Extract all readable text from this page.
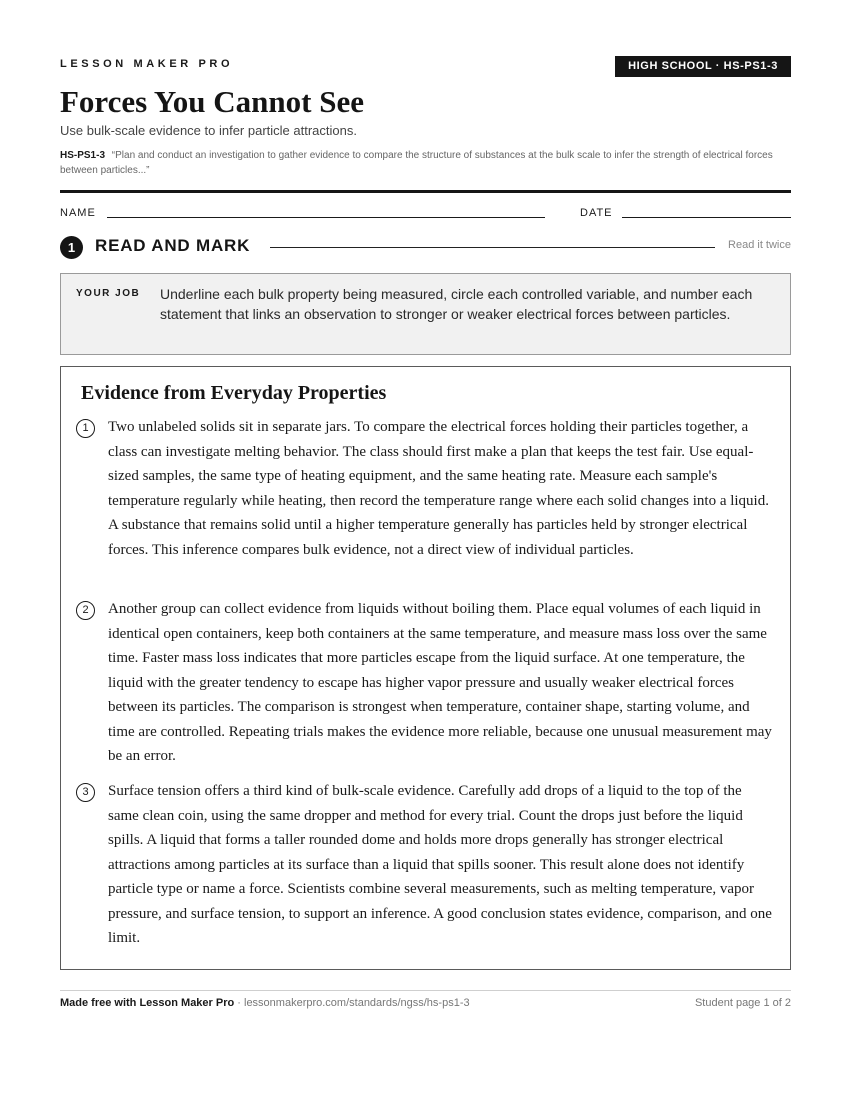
LESSON MAKER PRO	HIGH SCHOOL · HS-PS1-3
Forces You Cannot See
Use bulk-scale evidence to infer particle attractions.
HS-PS1-3 “Plan and conduct an investigation to gather evidence to compare the structure of substances at the bulk scale to infer the strength of electrical forces between particles...”
NAME	DATE
1	READ AND MARK	Read it twice
YOUR JOB Underline each bulk property being measured, circle each controlled variable, and number each statement that links an observation to stronger or weaker electrical forces between particles.
Evidence from Everyday Properties
1	Two unlabeled solids sit in separate jars. To compare the electrical forces holding their particles together, a class can investigate melting behavior. The class should first make a plan that keeps the test fair. Use equal-sized samples, the same type of heating equipment, and the same heating rate. Measure each sample's temperature regularly while heating, then record the temperature range where each solid changes into a liquid. A substance that remains solid until a higher temperature generally has particles held by stronger electrical forces. This inference compares bulk evidence, not a direct view of individual particles.
2	Another group can collect evidence from liquids without boiling them. Place equal volumes of each liquid in identical open containers, keep both containers at the same temperature, and measure mass loss over the same time. Faster mass loss indicates that more particles escape from the liquid surface. At one temperature, the liquid with the greater tendency to escape has higher vapor pressure and usually weaker electrical forces between its particles. The comparison is strongest when temperature, container shape, starting volume, and time are controlled. Repeating trials makes the evidence more reliable, because one unusual measurement may be an error.
3	Surface tension offers a third kind of bulk-scale evidence. Carefully add drops of a liquid to the top of the same clean coin, using the same dropper and method for every trial. Count the drops just before the liquid spills. A liquid that forms a taller rounded dome and holds more drops generally has stronger electrical attractions among particles at its surface than a liquid that spills sooner. This result alone does not identify particle type or name a force. Scientists combine several measurements, such as melting temperature, vapor pressure, and surface tension, to support an inference. A good conclusion states evidence, comparison, and one limit.
Made free with Lesson Maker Pro · lessonmakerpro.com/standards/ngss/hs-ps1-3	Student page 1 of 2
